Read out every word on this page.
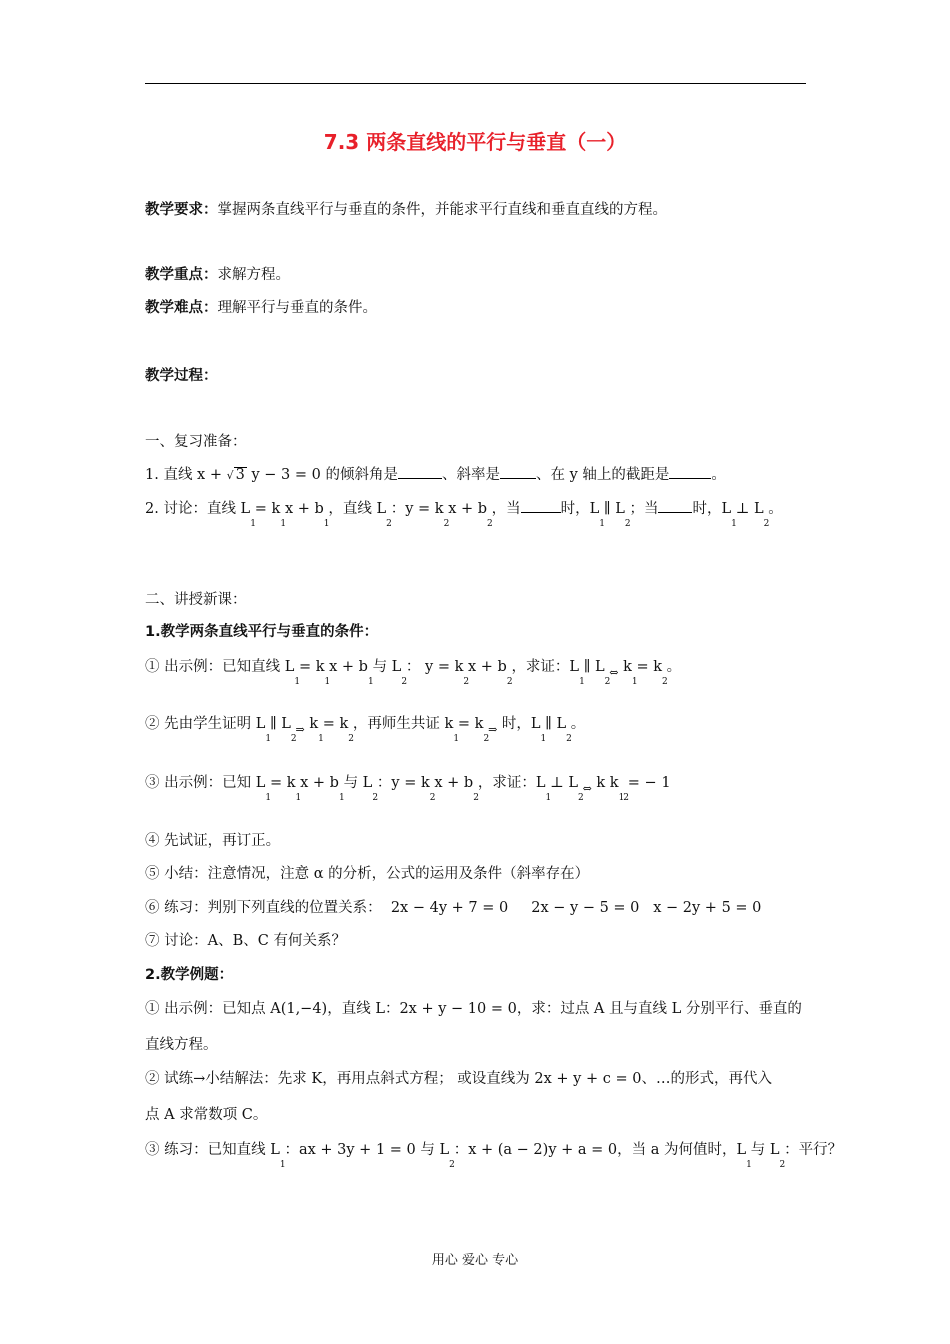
7.3 两条直线的平行与垂直（一）
教学要求：掌握两条直线平行与垂直的条件，并能求平行直线和垂直直线的方程。
教学重点：求解方程。
教学难点：理解平行与垂直的条件。
教学过程：
一、复习准备：
1. 直线 x + √ 3 y − 3 = 0 的倾斜角是	、斜率是 、在 y 轴上的截距是	。
2. 讨论：直线 L1 = k1 x + b1 ，直线 L2 ：y = k2 x + b2 ，当	时，L1 ∥ L2 ；当 时，L1 ⊥ L2 。
二、讲授新课：
1.教学两条直线平行与垂直的条件：
① 出示例：已知直线 L1 = k1 x + b1 与 L2 ： y = k2 x + b2 ，求证：L1 ∥ L2 $_\Leftrightarrow$ k1 = k2 。
② 先由学生证明 L1 ∥ L2 $_\Rightarrow$ k1 = k2 ，再师生共证 k1 = k2 $_\Rightarrow$ 时，L1 ∥ L2 。
③ 出示例：已知 L1 = k1 x + b1 与 L2 ：y = k2 x + b2 ，求证：L1 ⊥ L2 $_\Leftrightarrow$ k k1 2 = − 1
④ 先试证，再订正。
⑤ 小结：注意情况，注意 α 的分析，公式的运用及条件（斜率存在）
⑥ 练习：判别下列直线的位置关系： 2x − 4y + 7 = 0 2x − y − 5 = 0 x − 2y + 5 = 0
⑦ 讨论：A、B、C 有何关系？
2.教学例题：
① 出示例：已知点 A(1,−4)，直线 L：2x + y − 10 = 0，求：过点 A 且与直线 L 分别平行、垂直的
直线方程。
② 试练→小结解法：先求 K，再用点斜式方程； 或设直线为 2x + y + c = 0、…的形式，再代入
点 A 求常数项 C。
③ 练习：已知直线 L1 ：ax + 3y + 1 = 0 与 L2 ：x + (a − 2)y + a = 0，当 a 为何值时，L1 与 L2 ：平行？
用心 爱心 专心
